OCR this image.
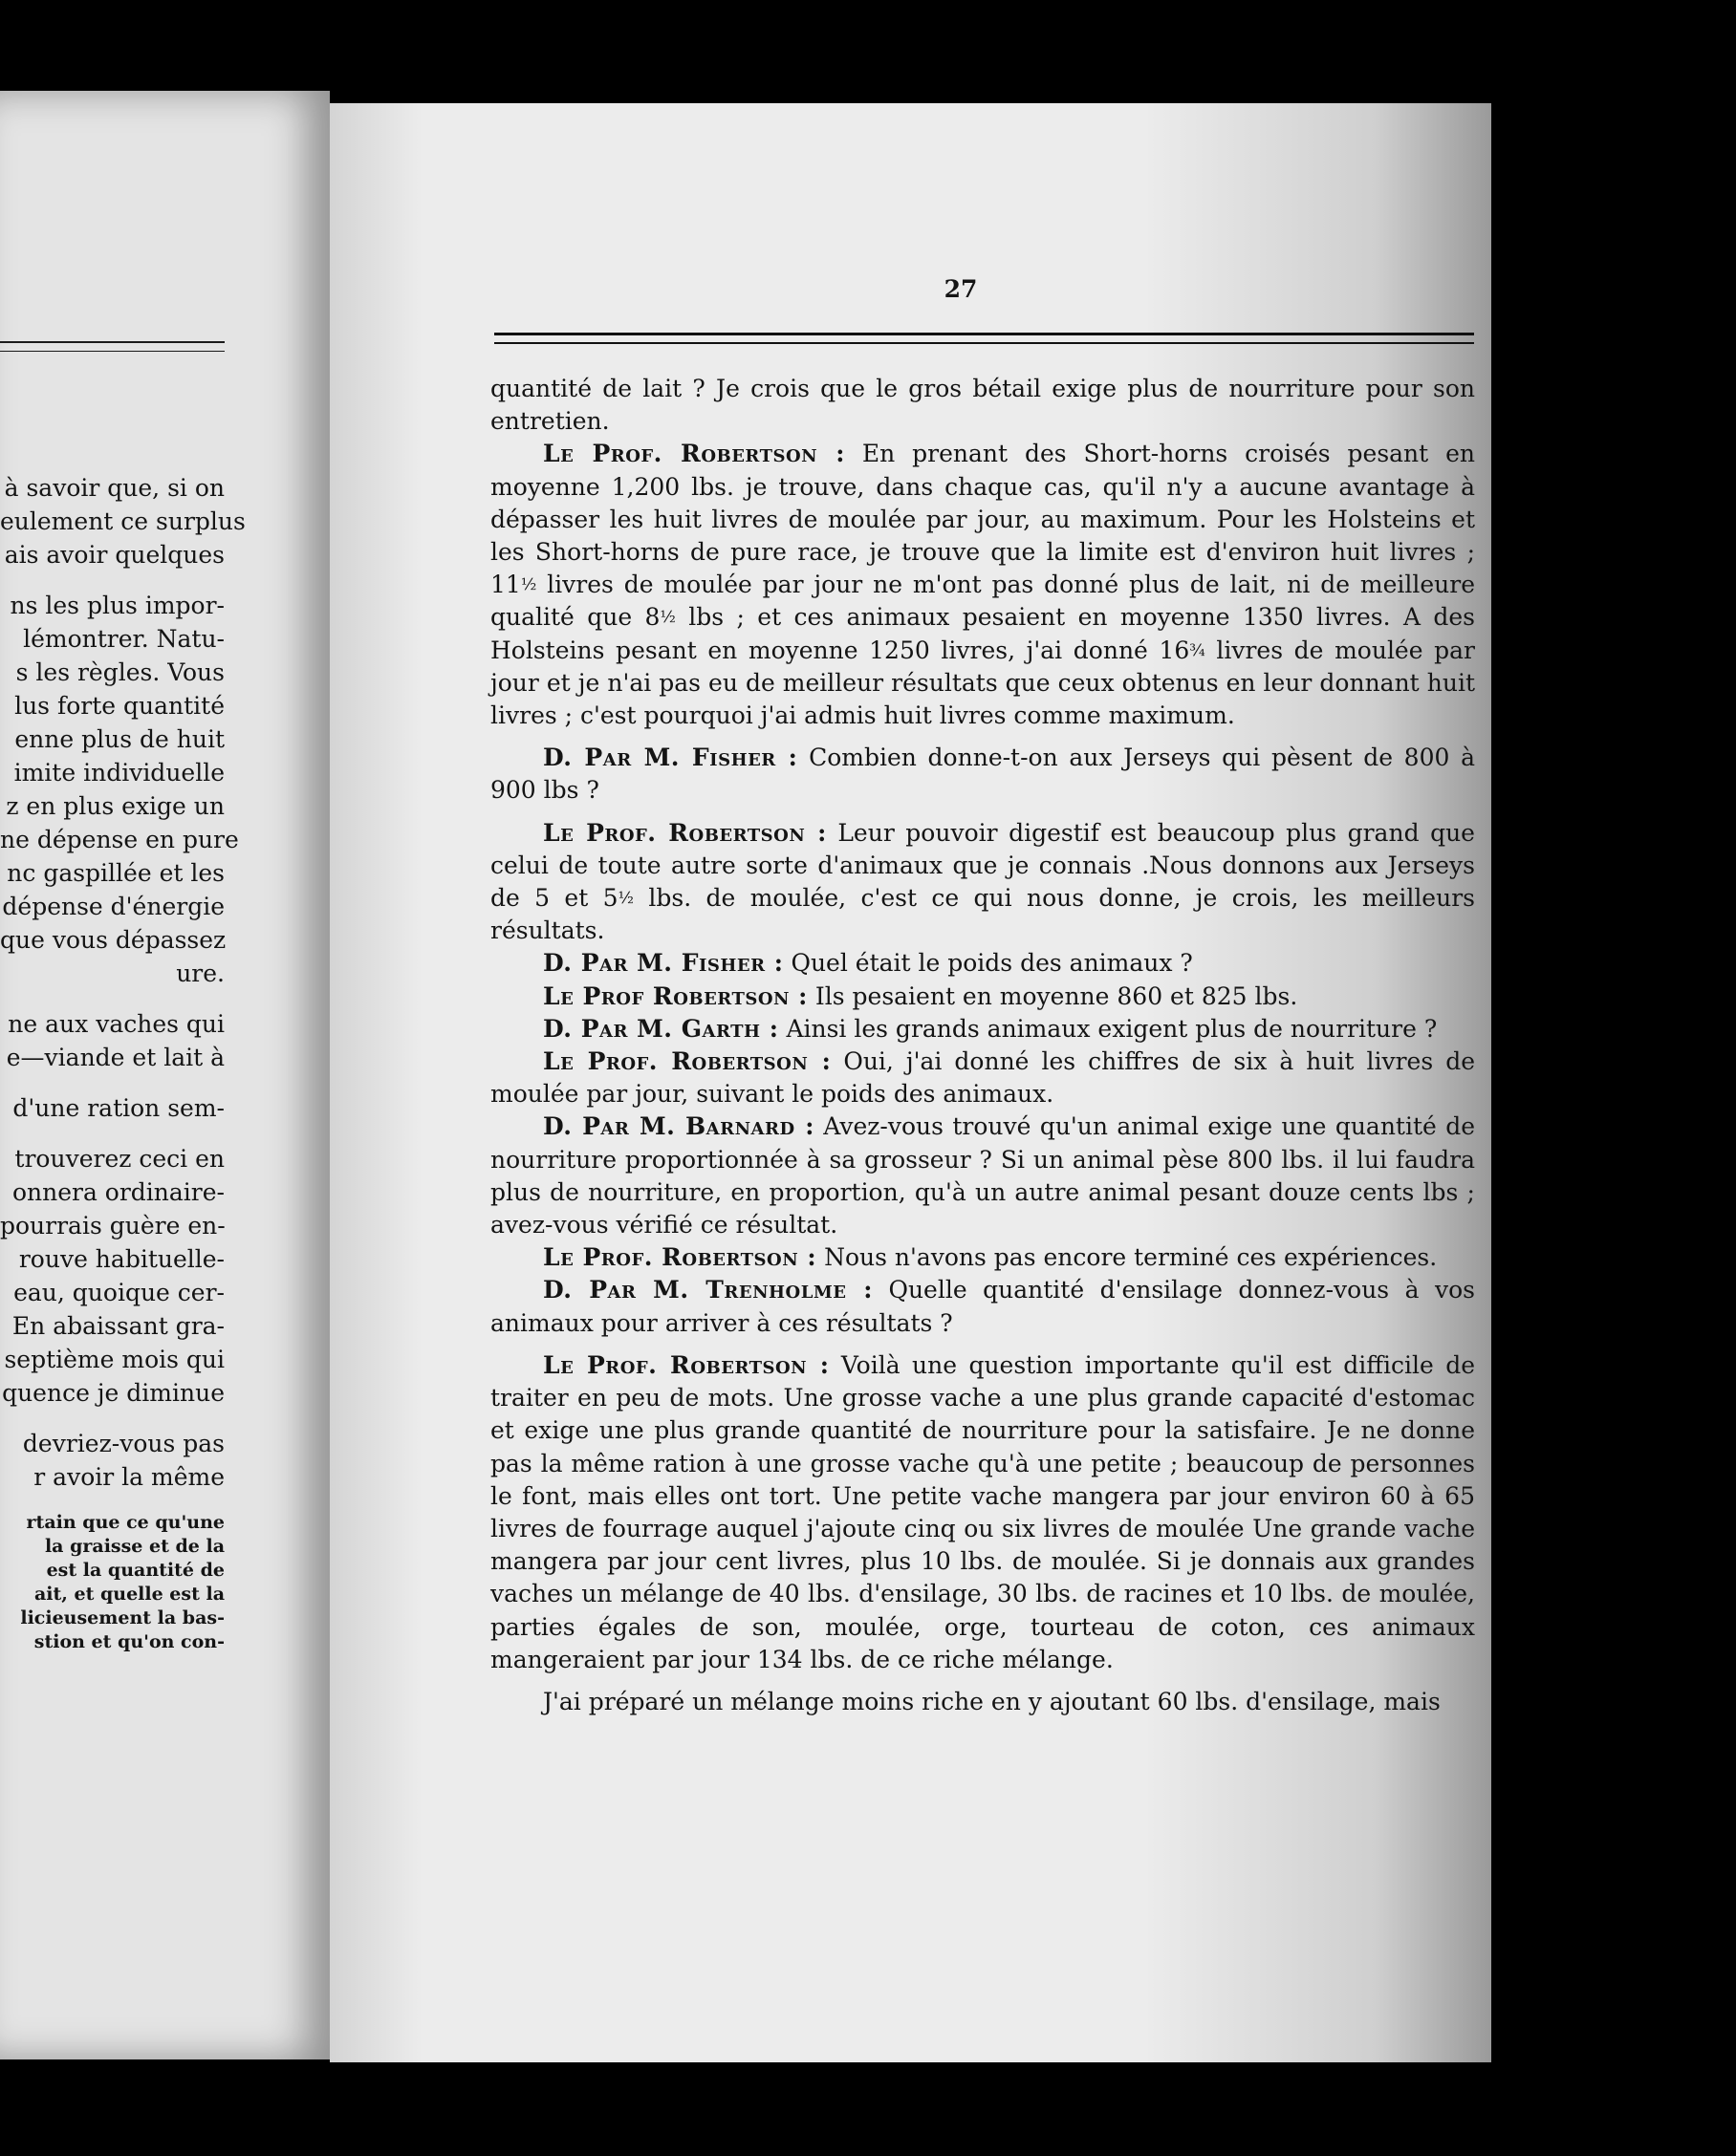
à savoir que, si on
eulement ce surplus
ais avoir quelques
ns les plus impor-
lémontrer. Natu-
s les règles. Vous
lus forte quantité
enne plus de huit
imite individuelle
z en plus exige un
ne dépense en pure
nc gaspillée et les
dépense d'énergie
que vous dépassez
ure.
ne aux vaches qui
e—viande et lait à
d'une ration sem-
trouverez ceci en
onnera ordinaire-
pourrais guère en-
rouve habituelle-
eau, quoique cer-
En abaissant gra-
septième mois qui
quence je diminue
devriez-vous pas
r avoir la même
rtain que ce qu'une
la graisse et de la
est la quantité de
ait, et quelle est la
licieusement la bas-
stion et qu'on con-
27

quantité de lait ? Je crois que le gros bétail exige plus de nourriture pour son entretien.

Le Prof. Robertson : En prenant des Short-horns croisés pesant en moyenne 1,200 lbs. je trouve, dans chaque cas, qu'il n'y a aucune avantage à dépasser les huit livres de moulée par jour, au maximum. Pour les Holsteins et les Short-horns de pure race, je trouve que la limite est d'environ huit livres ; 11½ livres de moulée par jour ne m'ont pas donné plus de lait, ni de meilleure qualité que 8½ lbs ; et ces animaux pesaient en moyenne 1350 livres. A des Holsteins pesant en moyenne 1250 livres, j'ai donné 16¾ livres de moulée par jour et je n'ai pas eu de meilleur résultats que ceux obtenus en leur donnant huit livres ; c'est pourquoi j'ai admis huit livres comme maximum.

D. Par M. Fisher : Combien donne-t-on aux Jerseys qui pèsent de 800 à 900 lbs ?

Le Prof. Robertson : Leur pouvoir digestif est beaucoup plus grand que celui de toute autre sorte d'animaux que je connais .Nous donnons aux Jerseys de 5 et 5½ lbs. de moulée, c'est ce qui nous donne, je crois, les meilleurs résultats.

D. Par M. Fisher : Quel était le poids des animaux ?

Le Prof Robertson : Ils pesaient en moyenne 860 et 825 lbs.

D. Par M. Garth : Ainsi les grands animaux exigent plus de nourriture ?

Le Prof. Robertson : Oui, j'ai donné les chiffres de six à huit livres de moulée par jour, suivant le poids des animaux.

D. Par M. Barnard : Avez-vous trouvé qu'un animal exige une quantité de nourriture proportionnée à sa grosseur ? Si un animal pèse 800 lbs. il lui faudra plus de nourriture, en proportion, qu'à un autre animal pesant douze cents lbs ; avez-vous vérifié ce résultat.

Le Prof. Robertson : Nous n'avons pas encore terminé ces expériences.

D. Par M. Trenholme : Quelle quantité d'ensilage donnez-vous à vos animaux pour arriver à ces résultats ?

Le Prof. Robertson : Voilà une question importante qu'il est difficile de traiter en peu de mots. Une grosse vache a une plus grande capacité d'estomac et exige une plus grande quantité de nourriture pour la satisfaire. Je ne donne pas la même ration à une grosse vache qu'à une petite ; beaucoup de personnes le font, mais elles ont tort. Une petite vache mangera par jour environ 60 à 65 livres de fourrage auquel j'ajoute cinq ou six livres de moulée Une grande vache mangera par jour cent livres, plus 10 lbs. de moulée. Si je donnais aux grandes vaches un mélange de 40 lbs. d'ensilage, 30 lbs. de racines et 10 lbs. de moulée, parties égales de son, moulée, orge, tourteau de coton, ces animaux mangeraient par jour 134 lbs. de ce riche mélange.

J'ai préparé un mélange moins riche en y ajoutant 60 lbs. d'ensilage, mais
